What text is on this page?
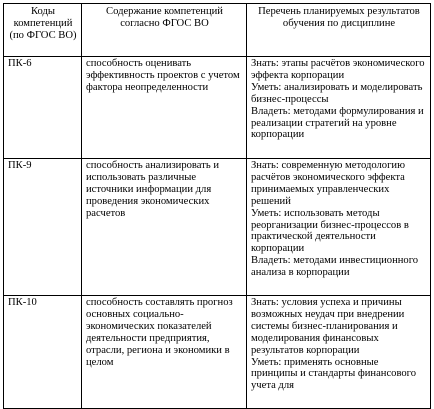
Коды компетенций (по ФГОС ВО)	Содержание компетенций согласно ФГОС ВО	Перечень планируемых результатов обучения по дисциплине
ПК-6	способность оценивать эффективность проектов с учетом фактора неопределенности	Знать: этапы расчётов экономического эффекта корпорации
Уметь: анализировать и моделировать бизнес-процессы
Владеть: методами формулирования и реализации стратегий на уровне корпорации

ПК-9	способность анализировать и использовать различные источники информации для проведения экономических расчетов	Знать: современную методологию расчётов экономического эффекта принимаемых управленческих решений
Уметь: использовать методы реорганизации бизнес-процессов в практической деятельности корпорации
Владеть: методами инвестиционного анализа в корпорации

ПК-10	способность составлять прогноз основных социально-экономических показателей деятельности предприятия, отрасли, региона и экономики в целом	Знать: условия успеха и причины возможных неудач при внедрении системы бизнес-планирования и моделирования финансовых результатов корпорации
Уметь: применять основные принципы и стандарты финансового учета для
